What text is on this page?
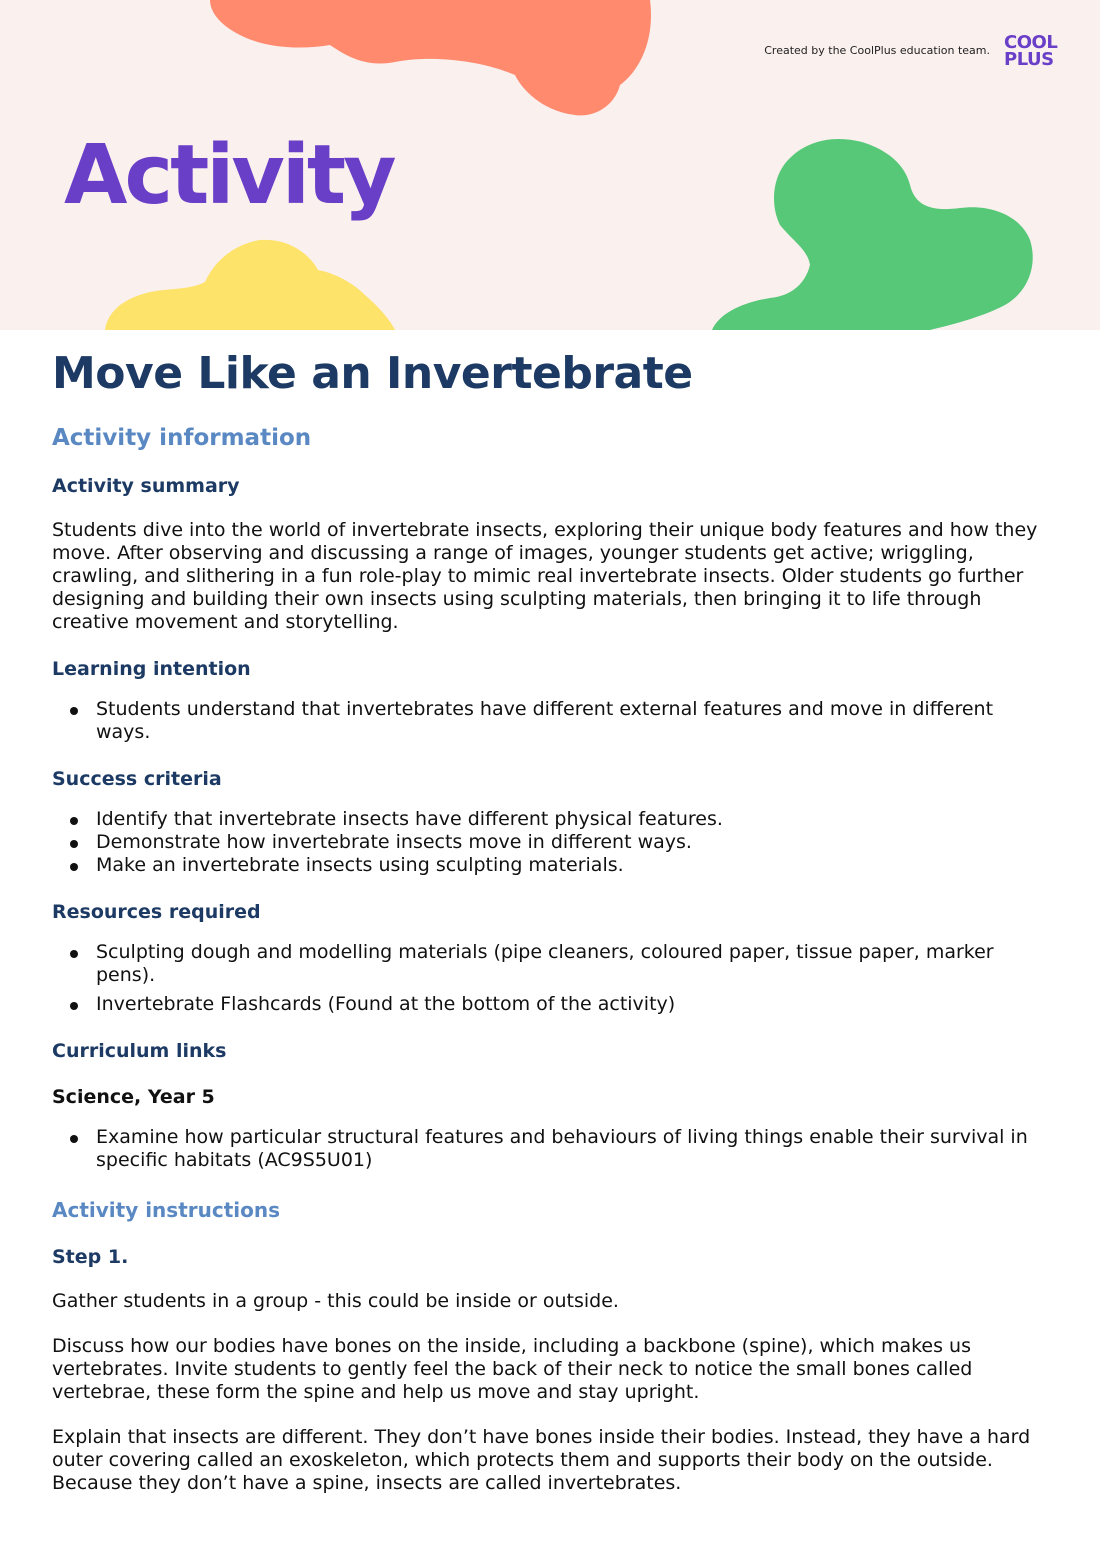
Created by the CoolPlus education team. COOL
PLUS
Activity
Move Like an Invertebrate
Activity information
Activity summary

Students dive into the world of invertebrate insects, exploring their unique body features and how they move. After observing and discussing a range of images, younger students get active; wriggling, crawling, and slithering in a fun role-play to mimic real invertebrate insects. Older students go further designing and building their own insects using sculpting materials, then bringing it to life through creative movement and storytelling.

Learning intention
Students understand that invertebrates have different external features and move in different ways.
Success criteria
Identify that invertebrate insects have different physical features.
Demonstrate how invertebrate insects move in different ways.
Make an invertebrate insects using sculpting materials.
Resources required
Sculpting dough and modelling materials (pipe cleaners, coloured paper, tissue paper, marker pens).
Invertebrate Flashcards (Found at the bottom of the activity)
Curriculum links
Science, Year 5
Examine how particular structural features and behaviours of living things enable their survival in specific habitats (AC9S5U01)
Activity instructions
Step 1.

Gather students in a group - this could be inside or outside.

Discuss how our bodies have bones on the inside, including a backbone (spine), which makes us vertebrates. Invite students to gently feel the back of their neck to notice the small bones called vertebrae, these form the spine and help us move and stay upright.

Explain that insects are different. They don’t have bones inside their bodies. Instead, they have a hard outer covering called an exoskeleton, which protects them and supports their body on the outside. Because they don’t have a spine, insects are called invertebrates.
